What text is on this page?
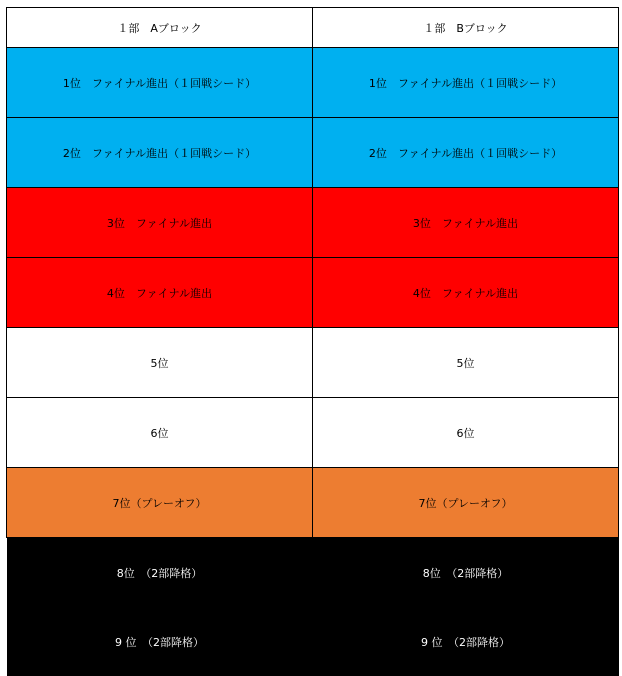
１部　Aブロック	１部　Bブロック
1位　ファイナル進出（１回戦シード）	1位　ファイナル進出（１回戦シード）
2位　ファイナル進出（１回戦シード）	2位　ファイナル進出（１回戦シード）
3位　ファイナル進出	3位　ファイナル進出
4位　ファイナル進出	4位　ファイナル進出
5位	5位
6位	6位
7位（プレーオフ）	7位（プレーオフ）
8位　（2部降格）	8位　（2部降格）
9 位　（2部降格）	9 位　（2部降格）
